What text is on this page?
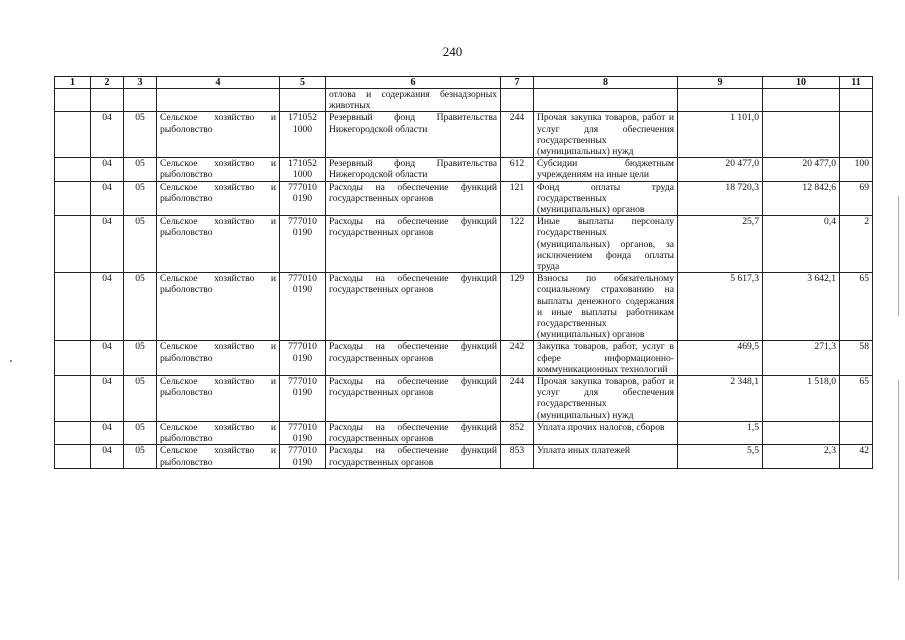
240
1	2	3	4	5	6	7	8	9	10	11
					отлова и содержания безнадзорных животных					
	04	05	Сельское хозяйство и рыболовство	171052 1000	Резервный фонд Правительства Нижегородской области	244	Прочая закупка товаров, работ и услуг для обеспечения государственных (муниципальных) нужд	1 101,0		
	04	05	Сельское хозяйство и рыболовство	171052 1000	Резервный фонд Правительства Нижегородской области	612	Субсидии бюджетным учреждениям на иные цели	20 477,0	20 477,0	100
	04	05	Сельское хозяйство и рыболовство	777010 0190	Расходы на обеспечение функций государственных органов	121	Фонд оплаты труда государственных (муниципальных) органов	18 720,3	12 842,6	69
	04	05	Сельское хозяйство и рыболовство	777010 0190	Расходы на обеспечение функций государственных органов	122	Иные выплаты персоналу государственных (муниципальных) органов, за исключением фонда оплаты труда	25,7	0,4	2
	04	05	Сельское хозяйство и рыболовство	777010 0190	Расходы на обеспечение функций государственных органов	129	Взносы по обязательному социальному страхованию на выплаты денежного содержания и иные выплаты работникам государственных (муниципальных) органов	5 617,3	3 642,1	65
	04	05	Сельское хозяйство и рыболовство	777010 0190	Расходы на обеспечение функций государственных органов	242	Закупка товаров, работ, услуг в сфере информационно-коммуникационных технологий	469,5	271,3	58
	04	05	Сельское хозяйство и рыболовство	777010 0190	Расходы на обеспечение функций государственных органов	244	Прочая закупка товаров, работ и услуг для обеспечения государственных (муниципальных) нужд	2 348,1	1 518,0	65
	04	05	Сельское хозяйство и рыболовство	777010 0190	Расходы на обеспечение функций государственных органов	852	Уплата прочих налогов, сборов	1,5		
	04	05	Сельское хозяйство и рыболовство	777010 0190	Расходы на обеспечение функций государственных органов	853	Уплата иных платежей	5,5	2,3	42
